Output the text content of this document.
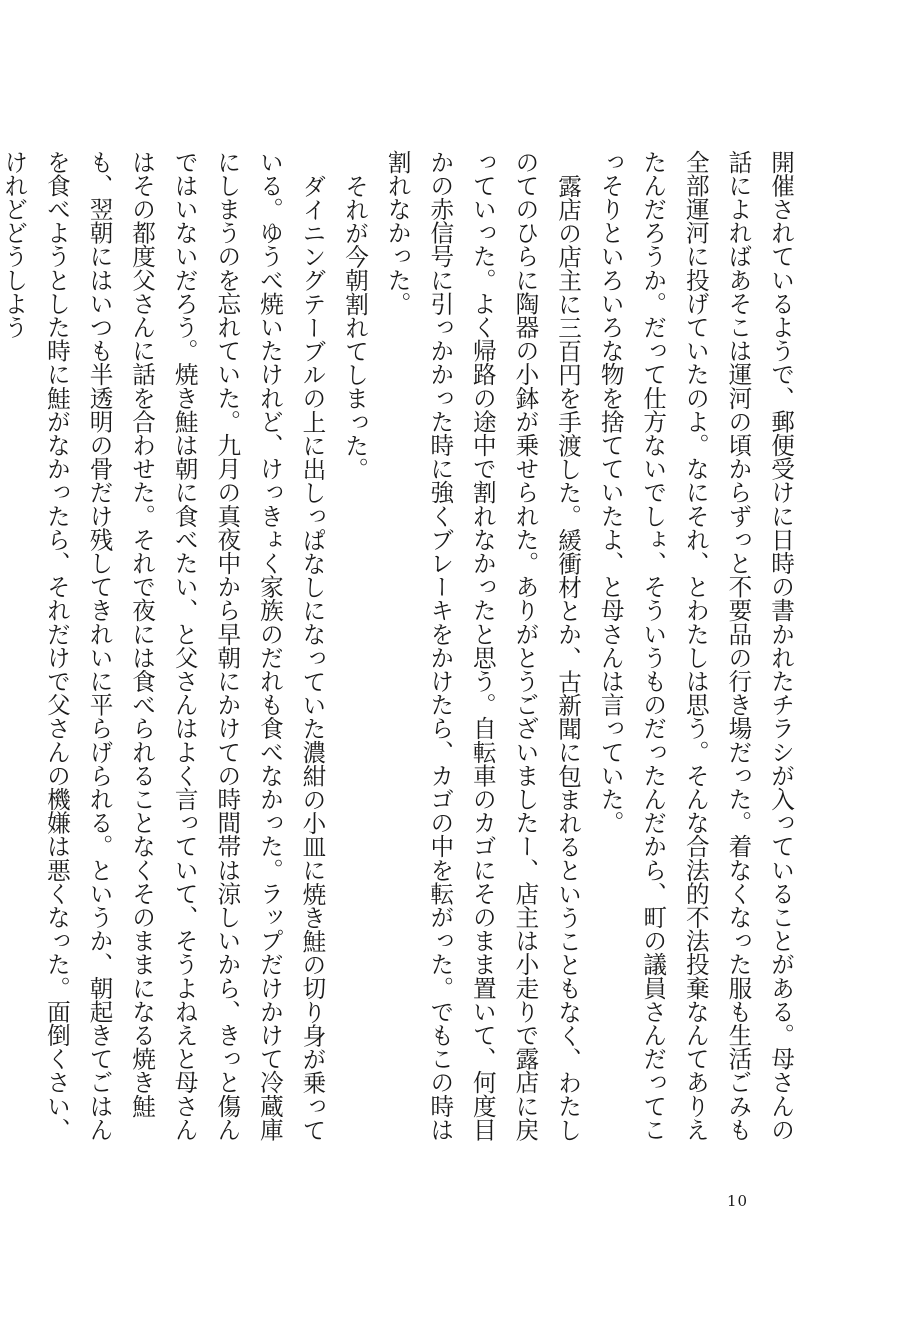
開催されているようで、郵便受けに日時の書かれたチラシが入っていることがある。母さんの話によればあそこは運河の頃からずっと不要品の行き場だった。着なくなった服も生活ごみも全部運河に投げていたのよ。なにそれ、とわたしは思う。そんな合法的不法投棄なんてありえたんだろうか。だって仕方ないでしょ、そういうものだったんだから、町の議員さんだってこっそりといろいろな物を捨てていたよ、と母さんは言っていた。

露店の店主に三百円を手渡した。緩衝材とか、古新聞に包まれるということもなく、わたしのてのひらに陶器の小鉢が乗せられた。ありがとうございましたー、店主は小走りで露店に戻っていった。よく帰路の途中で割れなかったと思う。自転車のカゴにそのまま置いて、何度目かの赤信号に引っかかった時に強くブレーキをかけたら、カゴの中を転がった。でもこの時は割れなかった。

それが今朝割れてしまった。

ダイニングテーブルの上に出しっぱなしになっていた濃紺の小皿に焼き鮭の切り身が乗っている。ゆうべ焼いたけれど、けっきょく家族のだれも食べなかった。ラップだけかけて冷蔵庫にしまうのを忘れていた。九月の真夜中から早朝にかけての時間帯は涼しいから、きっと傷んではいないだろう。焼き鮭は朝に食べたい、と父さんはよく言っていて、そうよねえと母さんはその都度父さんに話を合わせた。それで夜には食べられることなくそのままになる焼き鮭も、翌朝にはいつも半透明の骨だけ残してきれいに平らげられる。というか、朝起きてごはんを食べようとした時に鮭がなかったら、それだけで父さんの機嫌は悪くなった。面倒くさい、けれどどうしよう

10
